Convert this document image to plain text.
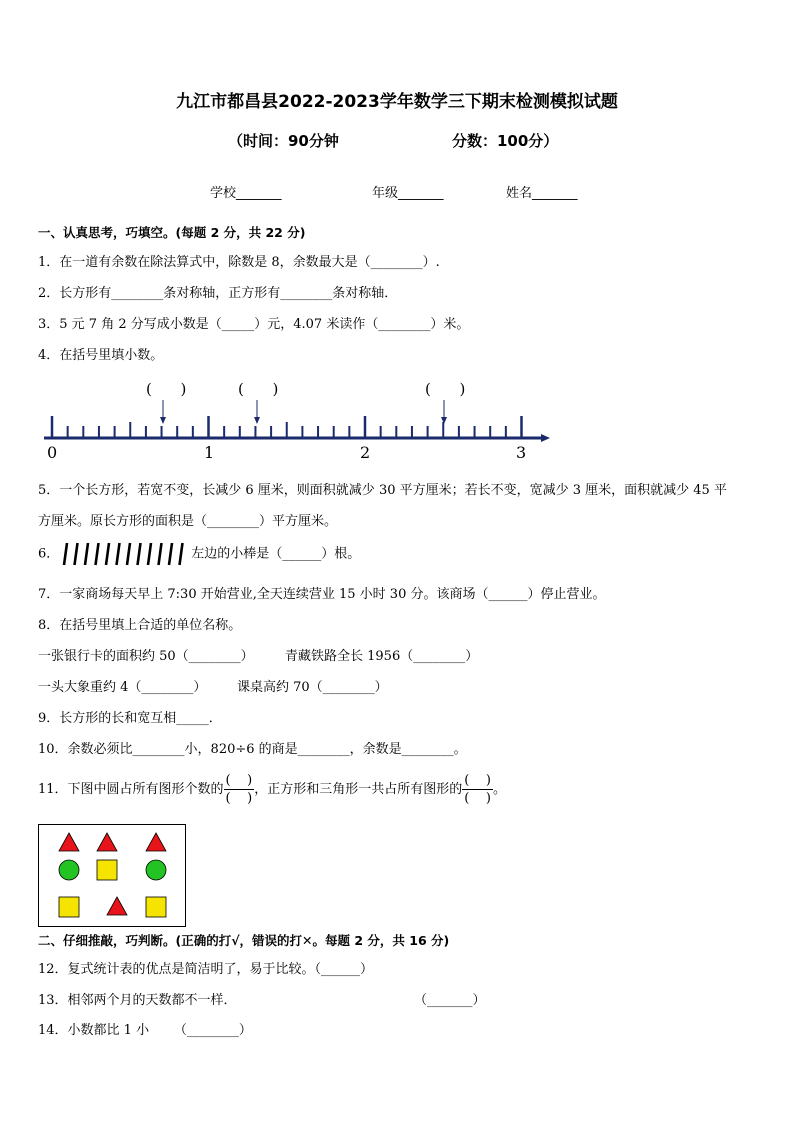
九江市都昌县2022-2023学年数学三下期末检测模拟试题
（时间：90分钟	分数：100分）
学校_______	年级_______	姓名_______
一、认真思考，巧填空。(每题 2 分，共 22 分)
1．在一道有余数在除法算式中，除数是 8，余数最大是（________）.
2．长方形有________条对称轴，正方形有________条对称轴．
3．5 元 7 角 2 分写成小数是（_____）元，4.07 米读作（________）米。
4．在括号里填小数。
(      )	(      )	(      )
0	1	2	3
5．一个长方形，若宽不变，长减少 6 厘米，则面积就减少 30 平方厘米；若长不变，宽减少 3 厘米，面积就减少 45 平
方厘米。原长方形的面积是（________）平方厘米。
6．	左边的小棒是（______）根。
7．一家商场每天早上 7:30 开始营业,全天连续营业 15 小时 30 分。该商场（______）停止营业。
8．在括号里填上合适的单位名称。
一张银行卡的面积约 50（________） 青藏铁路全长 1956（________）
一头大象重约 4（________） 课桌高约 70（________）
9．长方形的长和宽互相_____．
10．余数必须比________小，820÷6 的商是________，余数是________。
11．下图中圆占所有图形个数的 $\frac{( )}{( )}$ ，正方形和三角形一共占所有图形的 $\frac{( )}{( )}$ 。
二、仔细推敲，巧判断。(正确的打√，错误的打✕。每题 2 分，共 16 分)
12．复式统计表的优点是简洁明了，易于比较。（______）
13．相邻两个月的天数都不一样．	（_______）
14．小数都比 1 小      （________）
